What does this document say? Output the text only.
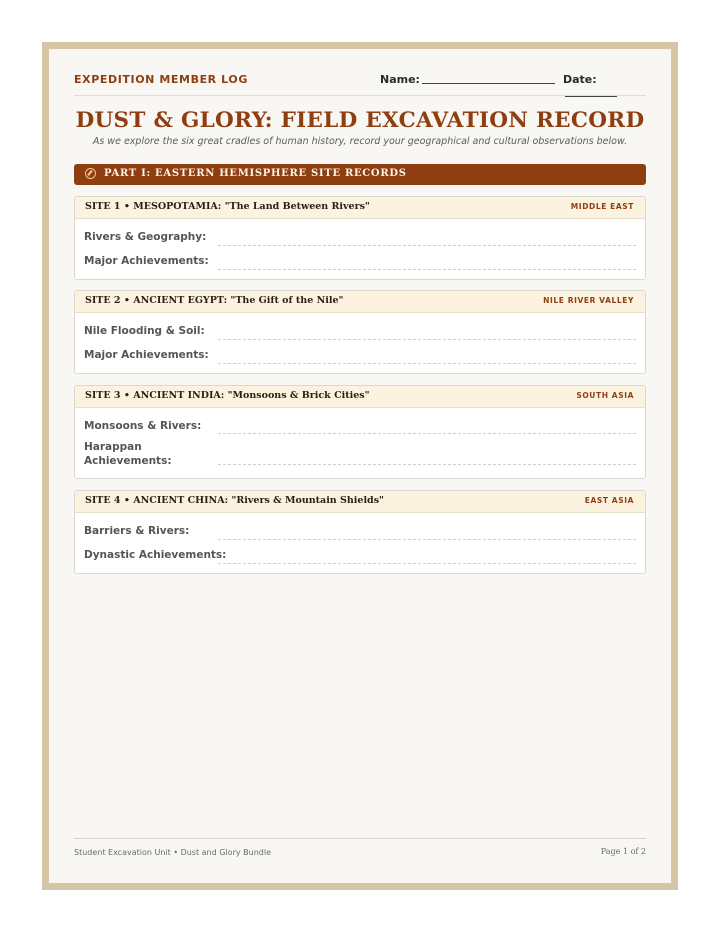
EXPEDITION MEMBER LOG	Name:	Date:
DUST & GLORY: FIELD EXCAVATION RECORD
As we explore the six great cradles of human history, record your geographical and cultural observations below.
PART I: EASTERN HEMISPHERE SITE RECORDS
SITE 1 • MESOPOTAMIA: "The Land Between Rivers"	MIDDLE EAST
Rivers & Geography:
Major Achievements:
SITE 2 • ANCIENT EGYPT: "The Gift of the Nile"	NILE RIVER VALLEY
Nile Flooding & Soil:
Major Achievements:
SITE 3 • ANCIENT INDIA: "Monsoons & Brick Cities"	SOUTH ASIA
Monsoons & Rivers:
Harappan Achievements:
SITE 4 • ANCIENT CHINA: "Rivers & Mountain Shields"	EAST ASIA
Barriers & Rivers:
Dynastic Achievements:
Student Excavation Unit • Dust and Glory Bundle	Page 1 of 2
